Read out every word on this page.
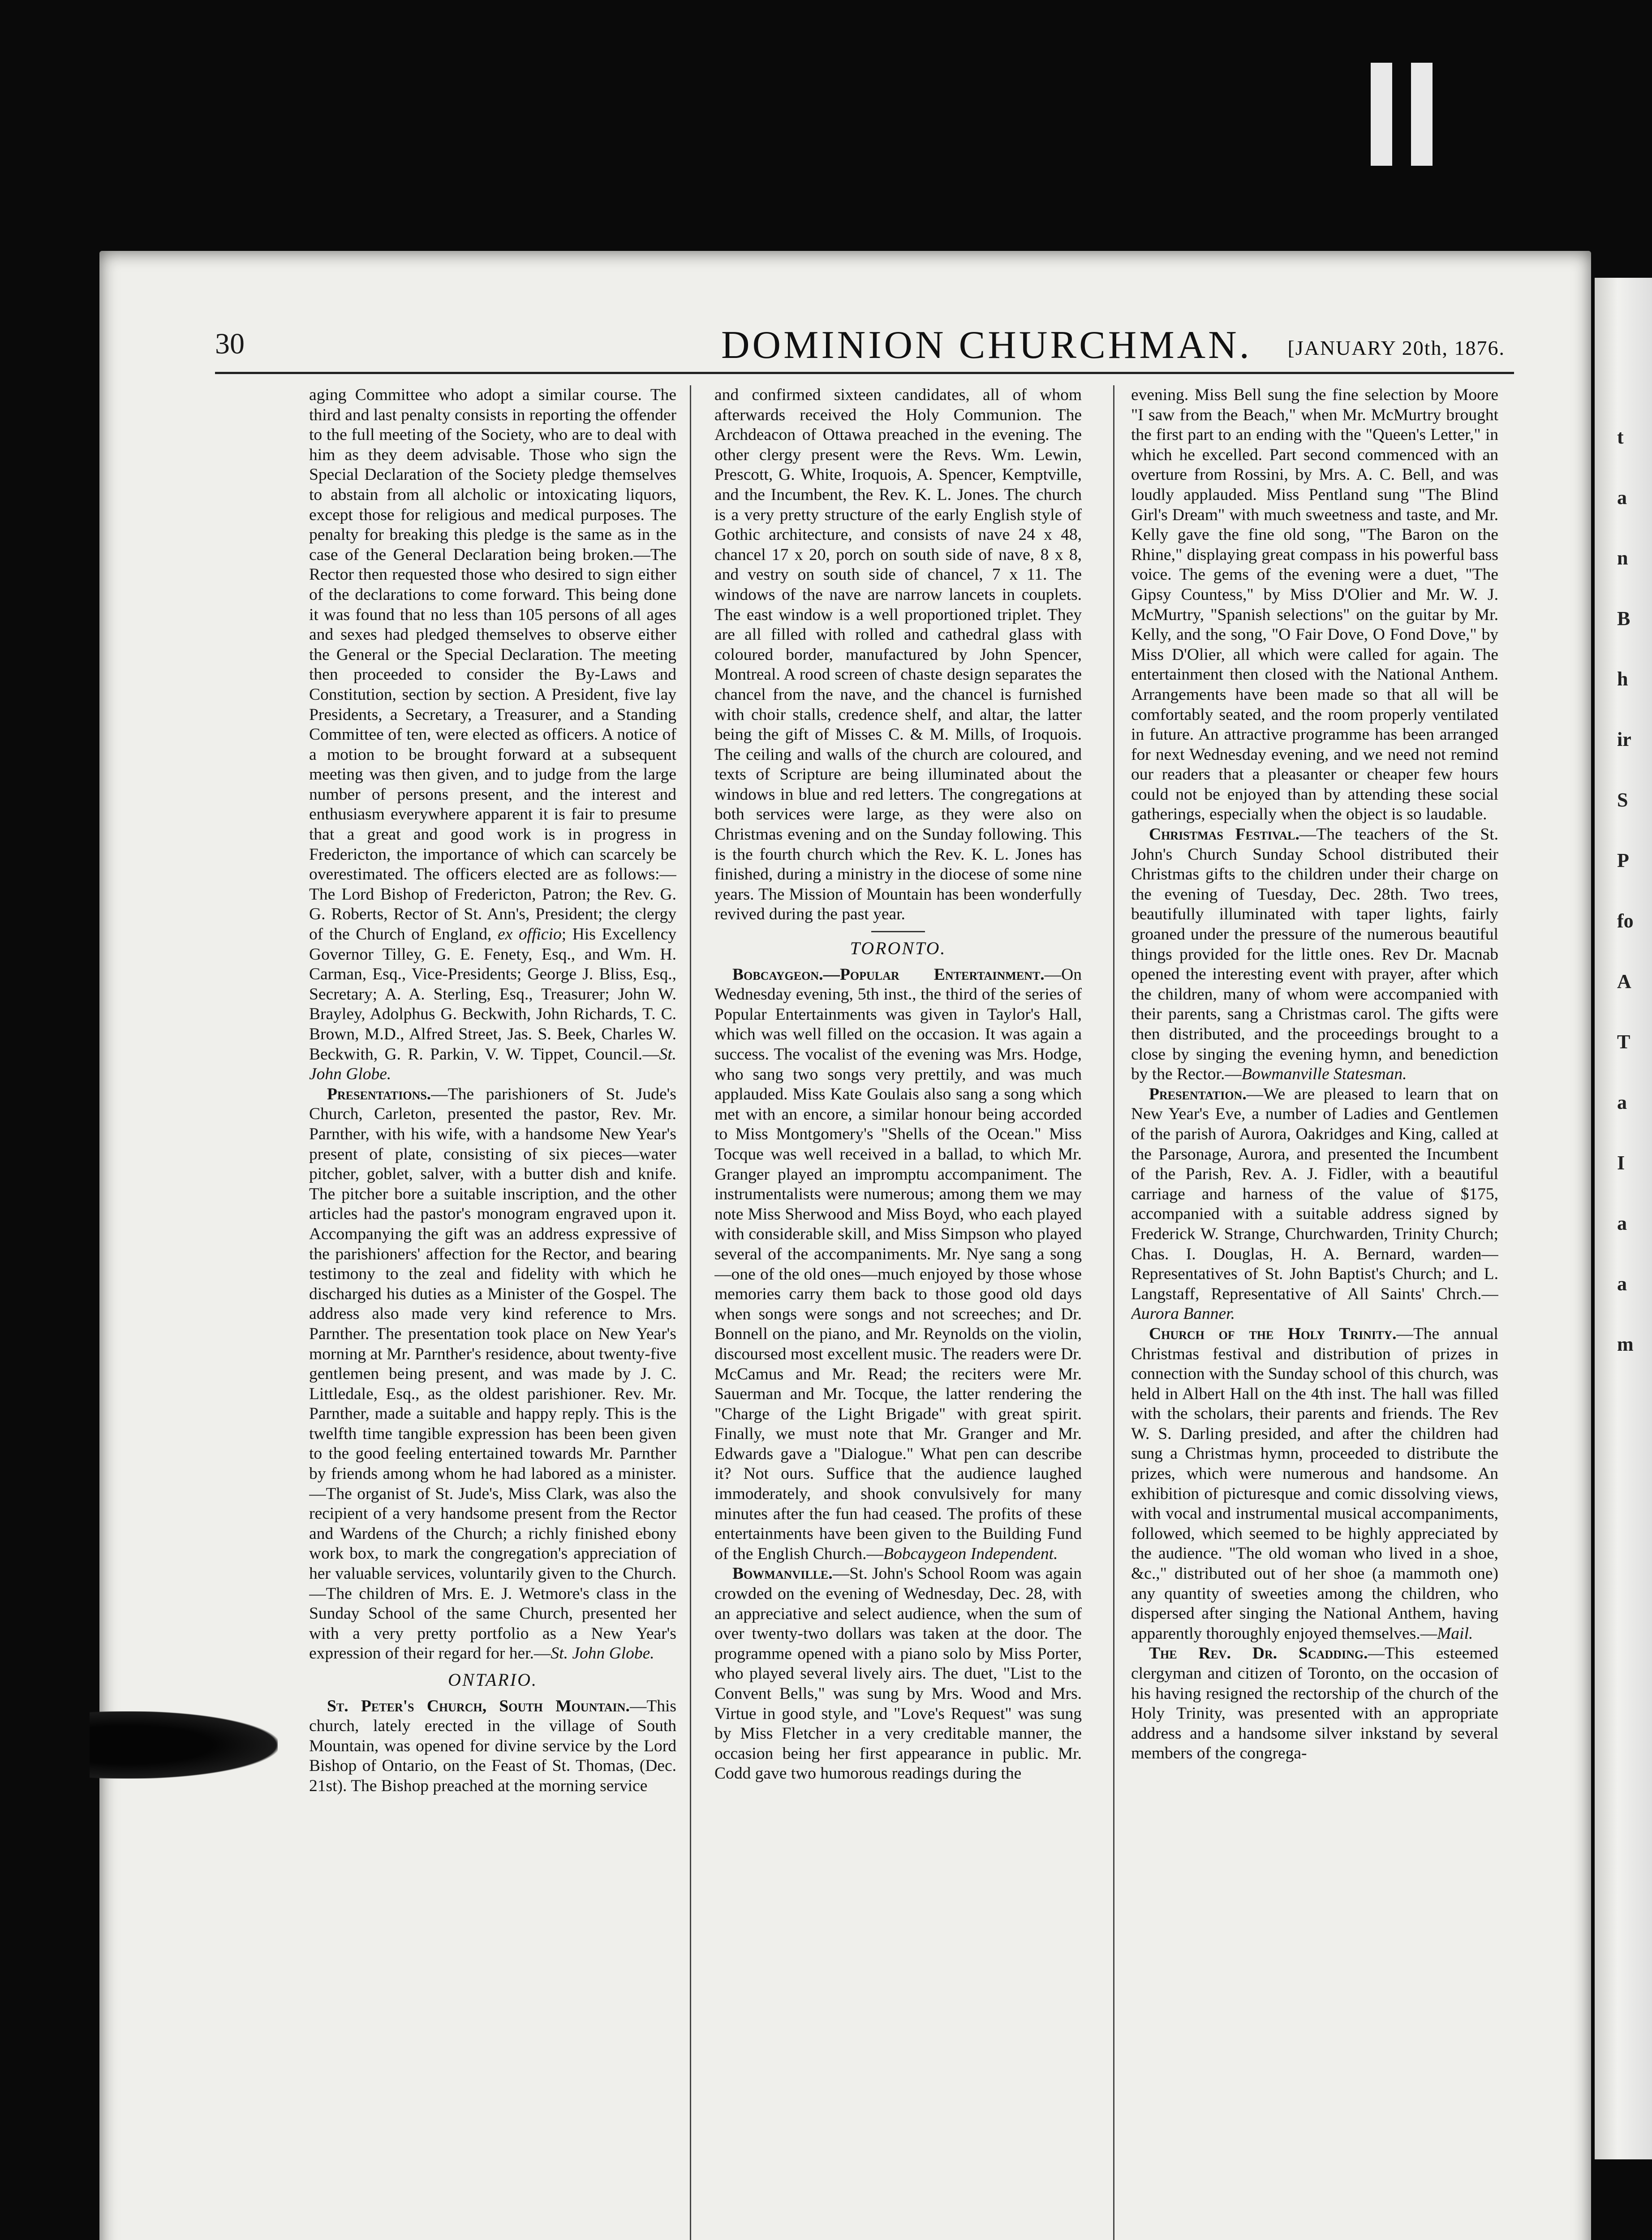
t
a
n
B
h
ir
S
P
fo
A
T
a
I
a
a
m
30	DOMINION CHURCHMAN. [JANUARY 20th, 1876.

aging Committee who adopt a similar course. The third and last penalty consists in reporting the offender to the full meeting of the Society, who are to deal with him as they deem advisable. Those who sign the Special Declaration of the Society pledge themselves to abstain from all alcholic or intoxicating liquors, except those for religious and medical purposes. The penalty for breaking this pledge is the same as in the case of the General Declaration being broken.—The Rector then requested those who desired to sign either of the declarations to come forward. This being done it was found that no less than 105 persons of all ages and sexes had pledged themselves to observe either the General or the Special Declaration. The meeting then proceeded to consider the By-Laws and Constitution, section by section. A President, five lay Presidents, a Secretary, a Treasurer, and a Standing Committee of ten, were elected as officers. A notice of a motion to be brought forward at a subsequent meeting was then given, and to judge from the large number of persons present, and the interest and enthusiasm everywhere apparent it is fair to presume that a great and good work is in progress in Fredericton, the importance of which can scarcely be overestimated. The officers elected are as follows:—The Lord Bishop of Fredericton, Patron; the Rev. G. G. Roberts, Rector of St. Ann's, President; the clergy of the Church of England, ex officio; His Excellency Governor Tilley, G. E. Fenety, Esq., and Wm. H. Carman, Esq., Vice-Presidents; George J. Bliss, Esq., Secretary; A. A. Sterling, Esq., Treasurer; John W. Brayley, Adolphus G. Beckwith, John Richards, T. C. Brown, M.D., Alfred Street, Jas. S. Beek, Charles W. Beckwith, G. R. Parkin, V. W. Tippet, Council.—St. John Globe.

Presentations.—The parishioners of St. Jude's Church, Carleton, presented the pastor, Rev. Mr. Parnther, with his wife, with a handsome New Year's present of plate, consisting of six pieces—water pitcher, goblet, salver, with a butter dish and knife. The pitcher bore a suitable inscription, and the other articles had the pastor's monogram engraved upon it. Accompanying the gift was an address expressive of the parishioners' affection for the Rector, and bearing testimony to the zeal and fidelity with which he discharged his duties as a Minister of the Gospel. The address also made very kind reference to Mrs. Parnther. The presentation took place on New Year's morning at Mr. Parnther's residence, about twenty-five gentlemen being present, and was made by J. C. Littledale, Esq., as the oldest parishioner. Rev. Mr. Parnther, made a suitable and happy reply. This is the twelfth time tangible expression has been been given to the good feeling entertained towards Mr. Parnther by friends among whom he had labored as a minister.—The organist of St. Jude's, Miss Clark, was also the recipient of a very handsome present from the Rector and Wardens of the Church; a richly finished ebony work box, to mark the congregation's appreciation of her valuable services, voluntarily given to the Church.—The children of Mrs. E. J. Wetmore's class in the Sunday School of the same Church, presented her with a very pretty portfolio as a New Year's expression of their regard for her.—St. John Globe.

ONTARIO.

St. Peter's Church, South Mountain.—This church, lately erected in the village of South Mountain, was opened for divine service by the Lord Bishop of Ontario, on the Feast of St. Thomas, (Dec. 21st). The Bishop preached at the morning service

and confirmed sixteen candidates, all of whom afterwards received the Holy Communion. The Archdeacon of Ottawa preached in the evening. The other clergy present were the Revs. Wm. Lewin, Prescott, G. White, Iroquois, A. Spencer, Kemptville, and the Incumbent, the Rev. K. L. Jones. The church is a very pretty structure of the early English style of Gothic architecture, and consists of nave 24 x 48, chancel 17 x 20, porch on south side of nave, 8 x 8, and vestry on south side of chancel, 7 x 11. The windows of the nave are narrow lancets in couplets. The east window is a well proportioned triplet. They are all filled with rolled and cathedral glass with coloured border, manufactured by John Spencer, Montreal. A rood screen of chaste design separates the chancel from the nave, and the chancel is furnished with choir stalls, credence shelf, and altar, the latter being the gift of Misses C. & M. Mills, of Iroquois. The ceiling and walls of the church are coloured, and texts of Scripture are being illuminated about the windows in blue and red letters. The congregations at both services were large, as they were also on Christmas evening and on the Sunday following. This is the fourth church which the Rev. K. L. Jones has finished, during a ministry in the diocese of some nine years. The Mission of Mountain has been wonderfully revived during the past year.

TORONTO.

Bobcaygeon.—Popular Entertainment.—On Wednesday evening, 5th inst., the third of the series of Popular Entertainments was given in Taylor's Hall, which was well filled on the occasion. It was again a success. The vocalist of the evening was Mrs. Hodge, who sang two songs very prettily, and was much applauded. Miss Kate Goulais also sang a song which met with an encore, a similar honour being accorded to Miss Montgomery's "Shells of the Ocean." Miss Tocque was well received in a ballad, to which Mr. Granger played an impromptu accompaniment. The instrumentalists were numerous; among them we may note Miss Sherwood and Miss Boyd, who each played with considerable skill, and Miss Simpson who played several of the accompaniments. Mr. Nye sang a song—one of the old ones—much enjoyed by those whose memories carry them back to those good old days when songs were songs and not screeches; and Dr. Bonnell on the piano, and Mr. Reynolds on the violin, discoursed most excellent music. The readers were Dr. McCamus and Mr. Read; the reciters were Mr. Sauerman and Mr. Tocque, the latter rendering the "Charge of the Light Brigade" with great spirit. Finally, we must note that Mr. Granger and Mr. Edwards gave a "Dialogue." What pen can describe it? Not ours. Suffice that the audience laughed immoderately, and shook convulsively for many minutes after the fun had ceased. The profits of these entertainments have been given to the Building Fund of the English Church.—Bobcaygeon Independent.

Bowmanville.—St. John's School Room was again crowded on the evening of Wednesday, Dec. 28, with an appreciative and select audience, when the sum of over twenty-two dollars was taken at the door. The programme opened with a piano solo by Miss Porter, who played several lively airs. The duet, "List to the Convent Bells," was sung by Mrs. Wood and Mrs. Virtue in good style, and "Love's Request" was sung by Miss Fletcher in a very creditable manner, the occasion being her first appearance in public. Mr. Codd gave two humorous readings during the

evening. Miss Bell sung the fine selection by Moore "I saw from the Beach," when Mr. McMurtry brought the first part to an ending with the "Queen's Letter," in which he excelled. Part second commenced with an overture from Rossini, by Mrs. A. C. Bell, and was loudly applauded. Miss Pentland sung "The Blind Girl's Dream" with much sweetness and taste, and Mr. Kelly gave the fine old song, "The Baron on the Rhine," displaying great compass in his powerful bass voice. The gems of the evening were a duet, "The Gipsy Countess," by Miss D'Olier and Mr. W. J. McMurtry, "Spanish selections" on the guitar by Mr. Kelly, and the song, "O Fair Dove, O Fond Dove," by Miss D'Olier, all which were called for again. The entertainment then closed with the National Anthem. Arrangements have been made so that all will be comfortably seated, and the room properly ventilated in future. An attractive programme has been arranged for next Wednesday evening, and we need not remind our readers that a pleasanter or cheaper few hours could not be enjoyed than by attending these social gatherings, especially when the object is so laudable.

Christmas Festival.—The teachers of the St. John's Church Sunday School distributed their Christmas gifts to the children under their charge on the evening of Tuesday, Dec. 28th. Two trees, beautifully illuminated with taper lights, fairly groaned under the pressure of the numerous beautiful things provided for the little ones. Rev Dr. Macnab opened the interesting event with prayer, after which the children, many of whom were accompanied with their parents, sang a Christmas carol. The gifts were then distributed, and the proceedings brought to a close by singing the evening hymn, and benediction by the Rector.—Bowmanville Statesman.

Presentation.—We are pleased to learn that on New Year's Eve, a number of Ladies and Gentlemen of the parish of Aurora, Oakridges and King, called at the Parsonage, Aurora, and presented the Incumbent of the Parish, Rev. A. J. Fidler, with a beautiful carriage and harness of the value of $175, accompanied with a suitable address signed by Frederick W. Strange, Churchwarden, Trinity Church; Chas. I. Douglas, H. A. Bernard, warden—Representatives of St. John Baptist's Church; and L. Langstaff, Representative of All Saints' Chrch.—Aurora Banner.

Church of the Holy Trinity.—The annual Christmas festival and distribution of prizes in connection with the Sunday school of this church, was held in Albert Hall on the 4th inst. The hall was filled with the scholars, their parents and friends. The Rev W. S. Darling presided, and after the children had sung a Christmas hymn, proceeded to distribute the prizes, which were numerous and handsome. An exhibition of picturesque and comic dissolving views, with vocal and instrumental musical accompaniments, followed, which seemed to be highly appreciated by the audience. "The old woman who lived in a shoe, &c.," distributed out of her shoe (a mammoth one) any quantity of sweeties among the children, who dispersed after singing the National Anthem, having apparently thoroughly enjoyed themselves.—Mail.

The Rev. Dr. Scadding.—This esteemed clergyman and citizen of Toronto, on the occasion of his having resigned the rectorship of the church of the Holy Trinity, was presented with an appropriate address and a handsome silver inkstand by several members of the congrega-
